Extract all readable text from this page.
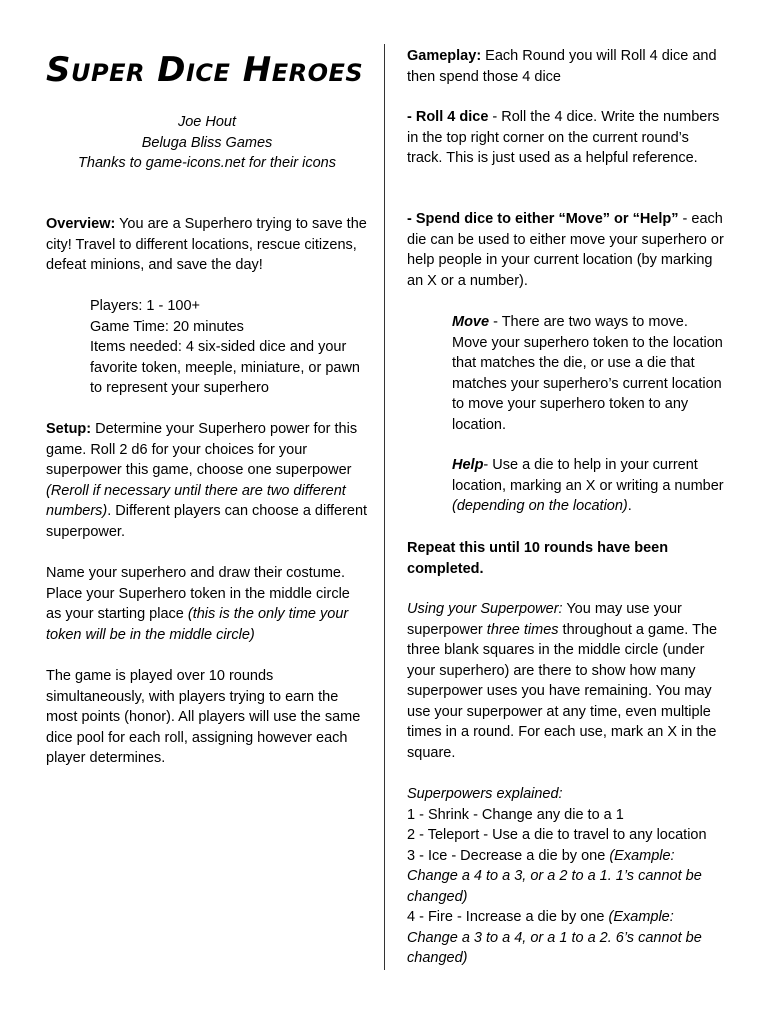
Super Dice Heroes
Joe Hout
Beluga Bliss Games
Thanks to game-icons.net for their icons

Overview: You are a Superhero trying to save the city! Travel to different locations, rescue citizens, defeat minions, and save the day!

Players: 1 - 100+

Game Time: 20 minutes

Items needed: 4 six-sided dice and your favorite token, meeple, miniature, or pawn to represent your superhero

Setup: Determine your Superhero power for this game. Roll 2 d6 for your choices for your superpower this game, choose one superpower (Reroll if necessary until there are two different numbers). Different players can choose a different superpower.

Name your superhero and draw their costume. Place your Superhero token in the middle circle as your starting place (this is the only time your token will be in the middle circle)

The game is played over 10 rounds simultaneously, with players trying to earn the most points (honor). All players will use the same dice pool for each roll, assigning however each player determines.

Gameplay: Each Round you will Roll 4 dice and then spend those 4 dice

- Roll 4 dice - Roll the 4 dice. Write the numbers in the top right corner on the current round’s track. This is just used as a helpful reference.

- Spend dice to either “Move” or “Help” - each die can be used to either move your superhero or help people in your current location (by marking an X or a number).

Move - There are two ways to move. Move your superhero token to the location that matches the die, or use a die that matches your superhero’s current location to move your superhero token to any location.

Help- Use a die to help in your current location, marking an X or writing a number (depending on the location).

Repeat this until 10 rounds have been completed.

Using your Superpower: You may use your superpower three times throughout a game. The three blank squares in the middle circle (under your superhero) are there to show how many superpower uses you have remaining. You may use your superpower at any time, even multiple times in a round. For each use, mark an X in the square.

Superpowers explained:

1 - Shrink - Change any die to a 1

2 - Teleport - Use a die to travel to any location

3 - Ice - Decrease a die by one (Example: Change a 4 to a 3, or a 2 to a 1. 1’s cannot be changed)

4 - Fire - Increase a die by one (Example: Change a 3 to a 4, or a 1 to a 2. 6’s cannot be changed)
